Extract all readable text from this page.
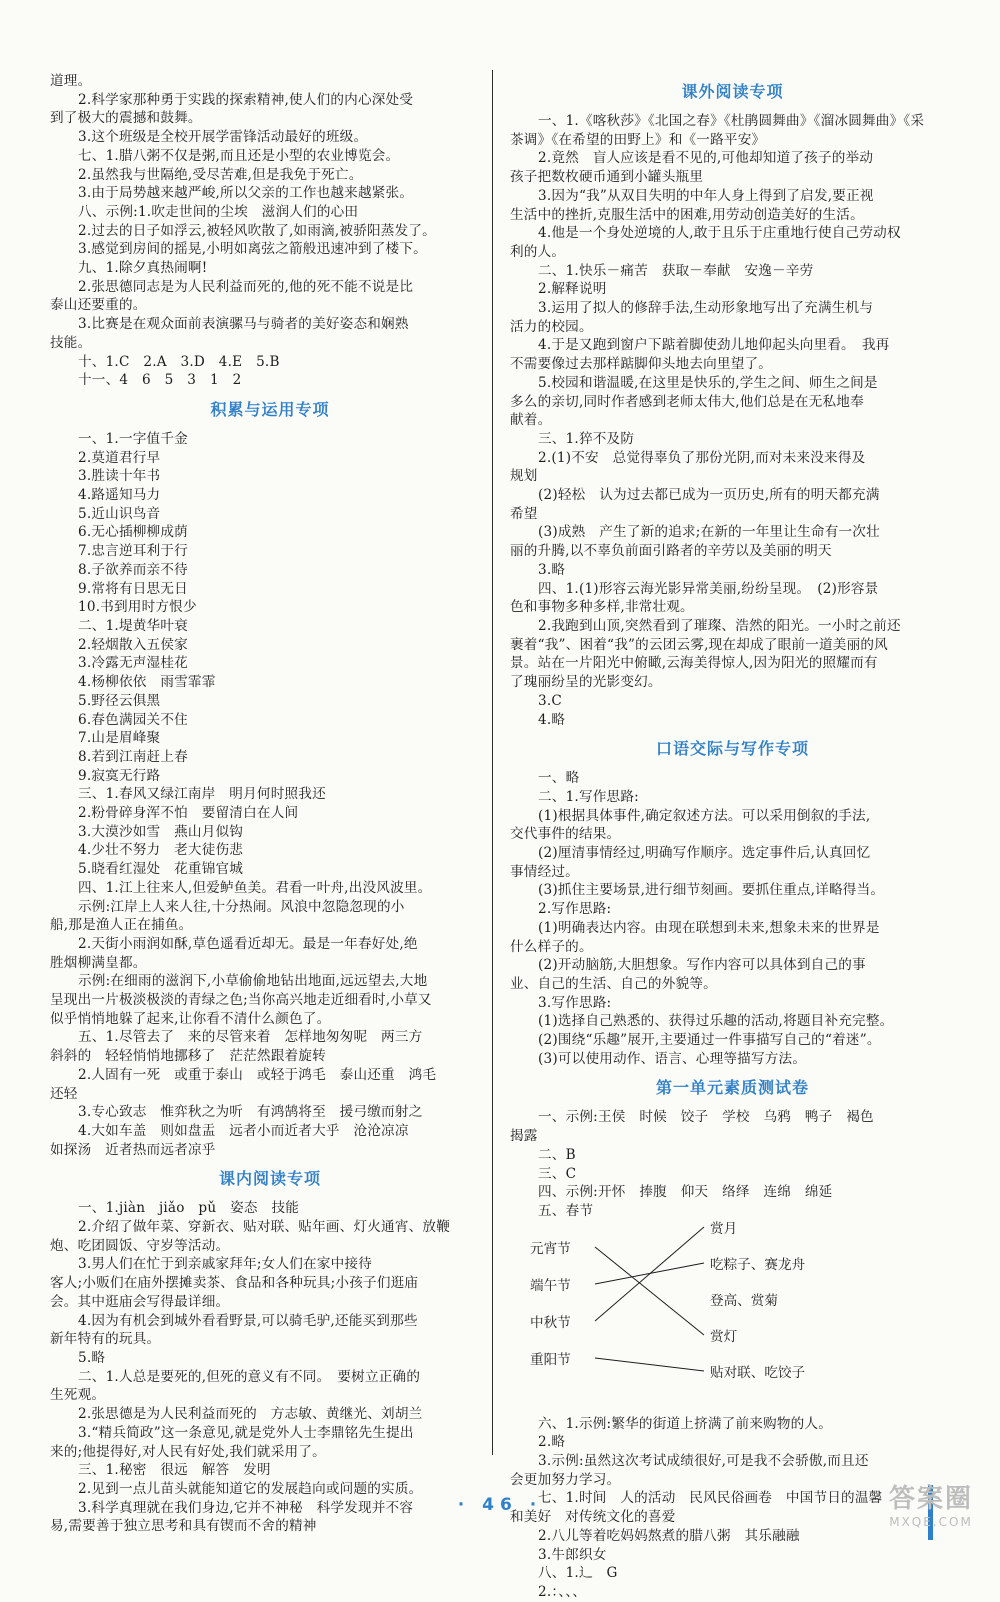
道理。
2.科学家那种勇于实践的探索精神,使人们的内心深处受
到了极大的震撼和鼓舞。
3.这个班级是全校开展学雷锋活动最好的班级。
七、1.腊八粥不仅是粥,而且还是小型的农业博览会。
2.虽然我与世隔绝,受尽苦难,但是我免于死亡。
3.由于局势越来越严峻,所以父亲的工作也越来越紧张。
八、示例:1.吹走世间的尘埃　滋润人们的心田
2.过去的日子如浮云,被轻风吹散了,如雨滴,被骄阳蒸发了。
3.感觉到房间的摇晃,小明如离弦之箭般迅速冲到了楼下。
九、1.除夕真热闹啊!
2.张思德同志是为人民利益而死的,他的死不能不说是比
泰山还要重的。
3.比赛是在观众面前表演骡马与骑者的美好姿态和娴熟
技能。
十、1.C　2.A　3.D　4.E　5.B
十一、4　6　5　3　1　2
积累与运用专项
一、1.一字值千金
2.莫道君行早
3.胜读十年书
4.路遥知马力
5.近山识鸟音
6.无心插柳柳成荫
7.忠言逆耳利于行
8.子欲养而亲不待
9.常将有日思无日
10.书到用时方恨少
二、1.堤黄华叶衰
2.轻烟散入五侯家
3.冷露无声湿桂花
4.杨柳依依　雨雪霏霏
5.野径云俱黑
6.春色满园关不住
7.山是眉峰聚
8.若到江南赶上春
9.寂寞无行路
三、1.春风又绿江南岸　明月何时照我还
2.粉骨碎身浑不怕　要留清白在人间
3.大漠沙如雪　燕山月似钩
4.少壮不努力　老大徒伤悲
5.晓看红湿处　花重锦官城
四、1.江上往来人,但爱鲈鱼美。君看一叶舟,出没风波里。
示例:江岸上人来人往,十分热闹。风浪中忽隐忽现的小
船,那是渔人正在捕鱼。
2.天街小雨润如酥,草色遥看近却无。最是一年春好处,绝
胜烟柳满皇都。
示例:在细雨的滋润下,小草偷偷地钻出地面,远远望去,大地
呈现出一片极淡极淡的青绿之色;当你高兴地走近细看时,小草又
似乎悄悄地躲了起来,让你看不清什么颜色了。
五、1.尽管去了　来的尽管来着　怎样地匆匆呢　两三方
斜斜的　轻轻悄悄地挪移了　茫茫然跟着旋转
2.人固有一死　或重于泰山　或轻于鸿毛　泰山还重　鸿毛
还轻
3.专心致志　惟弈秋之为听　有鸿鹄将至　援弓缴而射之
4.大如车盖　则如盘盂　远者小而近者大乎　沧沧凉凉
如探汤　近者热而远者凉乎
课内阅读专项
一、1.jiàn　jiǎo　pǔ　姿态　技能
2.介绍了做年菜、穿新衣、贴对联、贴年画、灯火通宵、放鞭
炮、吃团圆饭、守岁等活动。
3.男人们在忙于到亲戚家拜年;女人们在家中接待
客人;小贩们在庙外摆摊卖茶、食品和各种玩具;小孩子们逛庙
会。其中逛庙会写得最详细。
4.因为有机会到城外看看野景,可以骑毛驴,还能买到那些
新年特有的玩具。
5.略
二、1.人总是要死的,但死的意义有不同。　要树立正确的
生死观。
2.张思德是为人民利益而死的　方志敏、黄继光、刘胡兰
3.“精兵简政”这一条意见,就是党外人士李鼎铭先生提出
来的;他提得好,对人民有好处,我们就采用了。
三、1.秘密　很远　解答　发明
2.见到一点儿苗头就能知道它的发展趋向或问题的实质。
3.科学真理就在我们身边,它并不神秘　科学发现并不容
易,需要善于独立思考和具有锲而不舍的精神
课外阅读专项
一、1.《喀秋莎》《北国之春》《杜鹃圆舞曲》《溜冰圆舞曲》《采
茶调》《在希望的田野上》和《一路平安》
2.竟然　盲人应该是看不见的,可他却知道了孩子的举动
孩子把数枚硬币通到小罐头瓶里
3.因为“我”从双目失明的中年人身上得到了启发,要正视
生活中的挫折,克服生活中的困难,用劳动创造美好的生活。
4.他是一个身处逆境的人,敢于且乐于庄重地行使自己劳动权
利的人。
二、1.快乐－痛苦　获取－奉献　安逸－辛劳
2.解释说明
3.运用了拟人的修辞手法,生动形象地写出了充满生机与
活力的校园。
4.于是又跑到窗户下踮着脚使劲儿地仰起头向里看。　我再
不需要像过去那样踮脚仰头地去向里望了。
5.校园和谐温暖,在这里是快乐的,学生之间、师生之间是
多么的亲切,同时作者感到老师太伟大,他们总是在无私地奉
献着。
三、1.猝不及防
2.(1)不安　总觉得辜负了那份光阴,而对未来没来得及
规划
(2)轻松　认为过去都已成为一页历史,所有的明天都充满
希望
(3)成熟　产生了新的追求;在新的一年里让生命有一次壮
丽的升腾,以不辜负前面引路者的辛劳以及美丽的明天
3.略
四、1.(1)形容云海光影异常美丽,纷纷呈现。　(2)形容景
色和事物多种多样,非常壮观。
2.我跑到山顶,突然看到了璀璨、浩然的阳光。一小时之前还
裹着“我”、困着“我”的云团云雾,现在却成了眼前一道美丽的风
景。站在一片阳光中俯瞰,云海美得惊人,因为阳光的照耀而有
了瑰丽纷呈的光影变幻。
3.C
4.略
口语交际与写作专项
一、略
二、1.写作思路:
(1)根据具体事件,确定叙述方法。可以采用倒叙的手法,
交代事件的结果。
(2)厘清事情经过,明确写作顺序。选定事件后,认真回忆
事情经过。
(3)抓住主要场景,进行细节刻画。要抓住重点,详略得当。
2.写作思路:
(1)明确表达内容。由现在联想到未来,想象未来的世界是
什么样子的。
(2)开动脑筋,大胆想象。写作内容可以具体到自己的事
业、自己的生活、自己的外貌等。
3.写作思路:
(1)选择自己熟悉的、获得过乐趣的活动,将题目补充完整。
(2)围绕“乐趣”展开,主要通过一件事描写自己的“着迷”。
(3)可以使用动作、语言、心理等描写方法。
第一单元素质测试卷
一、示例:王侯　时候　饺子　学校　乌鸦　鸭子　褐色
揭露
二、B
三、C
四、示例:开怀　捧腹　仰天　络绎　连绵　绵延
五、春节
元宵节
端午节
中秋节
重阳节
赏月
吃粽子、赛龙舟
登高、赏菊
赏灯
贴对联、吃饺子
六、1.示例:繁华的街道上挤满了前来购物的人。
2.略
3.示例:虽然这次考试成绩很好,可是我不会骄傲,而且还
会更加努力学习。
七、1.时间　人的活动　民风民俗画卷　中国节日的温馨
和美好　对传统文化的喜爱
2.八儿等着吃妈妈熬煮的腊八粥　其乐融融
3.牛郎织女
八、1.辶　G
2.：、、、
· 46 ·	答案圈
MXQE.COM
